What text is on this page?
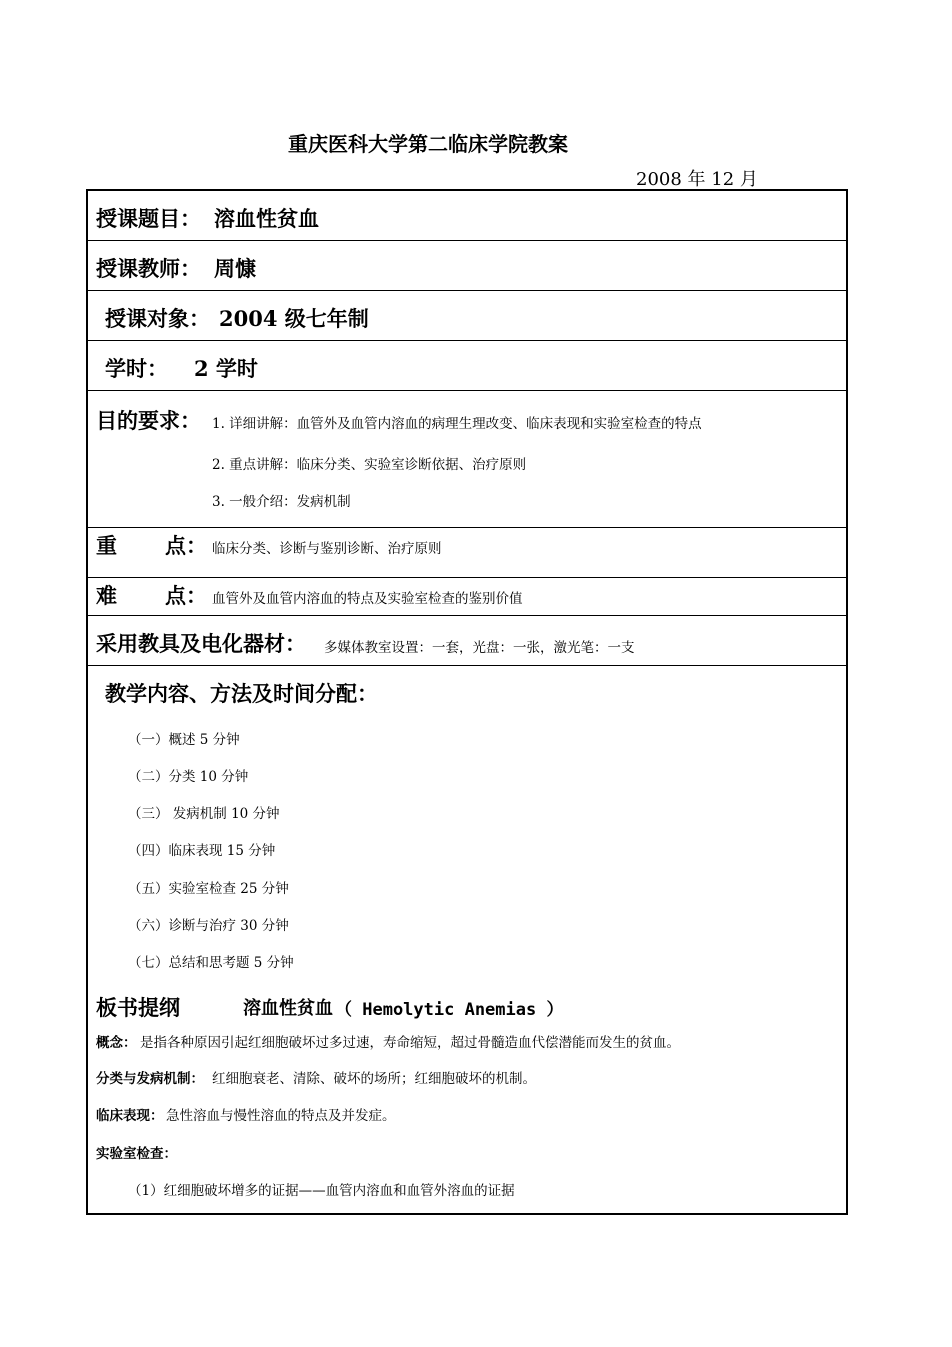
重庆医科大学第二临床学院教案
2008 年 12 月
授课题目： 溶血性贫血
授课教师： 周慷
授课对象： 2004 级七年制
学时： 2 学时
目的要求： 1. 详细讲解：血管外及血管内溶血的病理生理改变、临床表现和实验室检查的特点
2. 重点讲解：临床分类、实验室诊断依据、治疗原则
3. 一般介绍：发病机制
重 点： 临床分类、诊断与鉴别诊断、治疗原则
难 点： 血管外及血管内溶血的特点及实验室检查的鉴别价值
采用教具及电化器材： 多媒体教室设置：一套，光盘：一张，激光笔：一支
教学内容、方法及时间分配：
（一）概述 5 分钟
（二）分类 10 分钟
（三） 发病机制 10 分钟
（四）临床表现 15 分钟
（五）实验室检查 25 分钟
（六）诊断与治疗 30 分钟
（七）总结和思考题 5 分钟
板书提纲	溶血性贫血 （ Hemolytic Anemias ）
概念： 是指各种原因引起红细胞破坏过多过速，寿命缩短，超过骨髓造血代偿潜能而发生的贫血。
分类与发病机制： 红细胞衰老、清除、破坏的场所；红细胞破坏的机制。
临床表现： 急性溶血与慢性溶血的特点及并发症。
实验室检查：
（1）红细胞破坏增多的证据——血管内溶血和血管外溶血的证据
